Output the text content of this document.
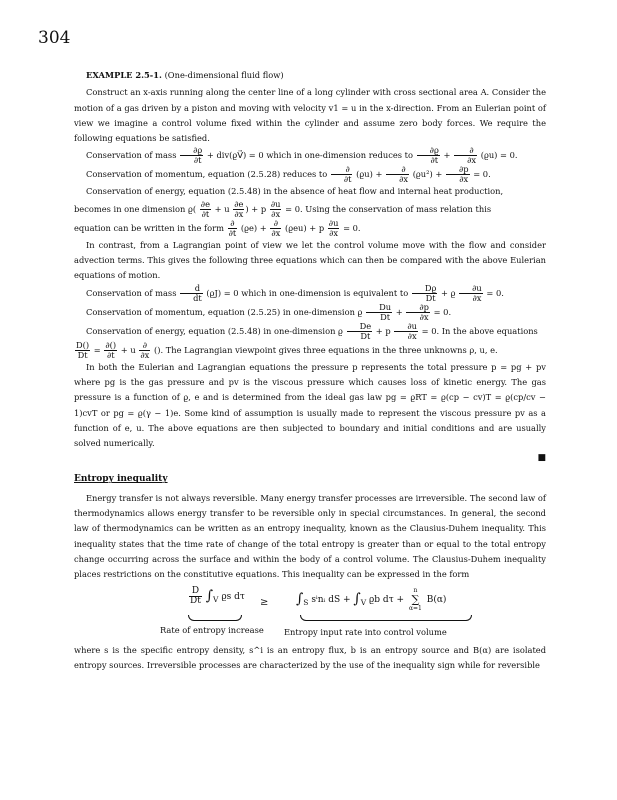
304

EXAMPLE 2.5-1. (One-dimensional fluid flow)

Construct an x-axis running along the center line of a long cylinder with cross sectional area A. Consider the motion of a gas driven by a piston and moving with velocity v1 = u in the x-direction. From an Eulerian point of view we imagine a control volume fixed within the cylinder and assume zero body forces. We require the following equations be satisfied.

Conservation of mass $\frac{\partial ϱ}{\partial t}$ + div(ϱV⃗) = 0 which in one-dimension reduces to $\frac{\partial ϱ}{\partial t}$ +	∂
∂x (ϱu) = 0.

Conservation of momentum, equation (2.5.28) reduces to	∂
∂t (ϱu) +	∂
∂x $(ϱu^2) + \frac{\partial p}{\partial x} = 0$.

Conservation of energy, equation (2.5.48) in the absence of heat flow and internal heat production,

becomes in one dimension $ϱ( \frac{\partial e}{\partial t} + u \frac{\partial e}{\partial x}$ ) + p $\frac{\partial u}{\partial x} = 0$. Using the conservation of mass relation this

equation can be written in the form ∂
∂t (ϱe) + ∂
∂x (ϱeu) + p $\frac{\partial u}{\partial x} = 0$.

In contrast, from a Lagrangian point of view we let the control volume move with the flow and consider advection terms. This gives the following three equations which can then be compared with the above Eulerian equations of motion.

Conservation of mass $\frac{d}{dt} (ϱJ) = 0$ which in one-dimension is equivalent to $\frac{Dϱ}{Dt} + ϱ \frac{\partial u}{\partial x} = 0$.

Conservation of momentum, equation (2.5.25) in one-dimension ϱ $\frac{Du}{Dt} + \frac{\partial p}{\partial x} = 0$.

Conservation of energy, equation (2.5.48) in one-dimension ϱ $\frac{De}{Dt} + p \frac{\partial u}{\partial x} = 0$. In the above equations

$\frac{D()}{Dt}$ = ∂()
∂t + u ∂
∂x (). The Lagrangian viewpoint gives three equations in the three unknowns ρ, u, e.

In both the Eulerian and Lagrangian equations the pressure p represents the total pressure p = pg + pv where pg is the gas pressure and pv is the viscous pressure which causes loss of kinetic energy. The gas pressure is a function of ϱ, e and is determined from the ideal gas law pg = ϱRT = ϱ(cp − cv)T = ϱ(cp/cv − 1)cvT or pg = ϱ(γ − 1)e. Some kind of assumption is usually made to represent the viscous pressure pv as a function of e, u. The above equations are then subjected to boundary and initial conditions and are usually solved numerically.

■
Entropy inequality

Energy transfer is not always reversible. Many energy transfer processes are irreversible. The second law of thermodynamics allows energy transfer to be reversible only in special circumstances. In general, the second law of thermodynamics can be written as an entropy inequality, known as the Clausius-Duhem inequality. This inequality states that the time rate of change of the total entropy is greater than or equal to the total entropy change occurring across the surface and within the body of a control volume. The Clausius-Duhem inequality places restrictions on the constitutive equations. This inequality can be expressed in the form

$\frac{D}{Dt} \int_V$ ϱs $d\tau \ge \int_S$ sⁱnᵢ dS + $\int_V$ ϱb dτ +
n
∑
α=1
B(α)
Rate of entropy increase Entropy input rate into control volume

where s is the specific entropy density, s^i is an entropy flux, b is an entropy source and B(α) are isolated entropy sources. Irreversible processes are characterized by the use of the inequality sign while for reversible
